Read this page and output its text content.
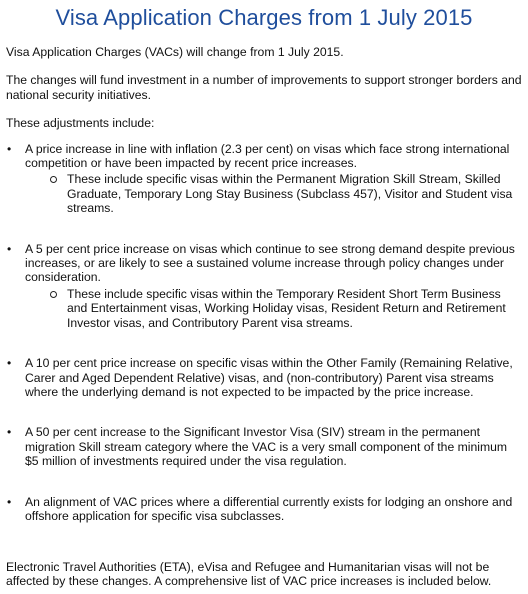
Visa Application Charges from 1 July 2015

Visa Application Charges (VACs) will change from 1 July 2015.

The changes will fund investment in a number of improvements to support stronger borders and national security initiatives.

These adjustments include:

• A price increase in line with inflation (2.3 per cent) on visas which face strong international competition or have been impacted by recent price increases.
These include specific visas within the Permanent Migration Skill Stream, Skilled Graduate, Temporary Long Stay Business (Subclass 457), Visitor and Student visa streams.
• A 5 per cent price increase on visas which continue to see strong demand despite previous increases, or are likely to see a sustained volume increase through policy changes under consideration.
These include specific visas within the Temporary Resident Short Term Business and Entertainment visas, Working Holiday visas, Resident Return and Retirement Investor visas, and Contributory Parent visa streams.
• A 10 per cent price increase on specific visas within the Other Family (Remaining Relative, Carer and Aged Dependent Relative) visas, and (non-contributory) Parent visa streams where the underlying demand is not expected to be impacted by the price increase.
• A 50 per cent increase to the Significant Investor Visa (SIV) stream in the permanent migration Skill stream category where the VAC is a very small component of the minimum $5 million of investments required under the visa regulation.
• An alignment of VAC prices where a differential currently exists for lodging an onshore and offshore application for specific visa subclasses.

Electronic Travel Authorities (ETA), eVisa and Refugee and Humanitarian visas will not be affected by these changes. A comprehensive list of VAC price increases is included below.
